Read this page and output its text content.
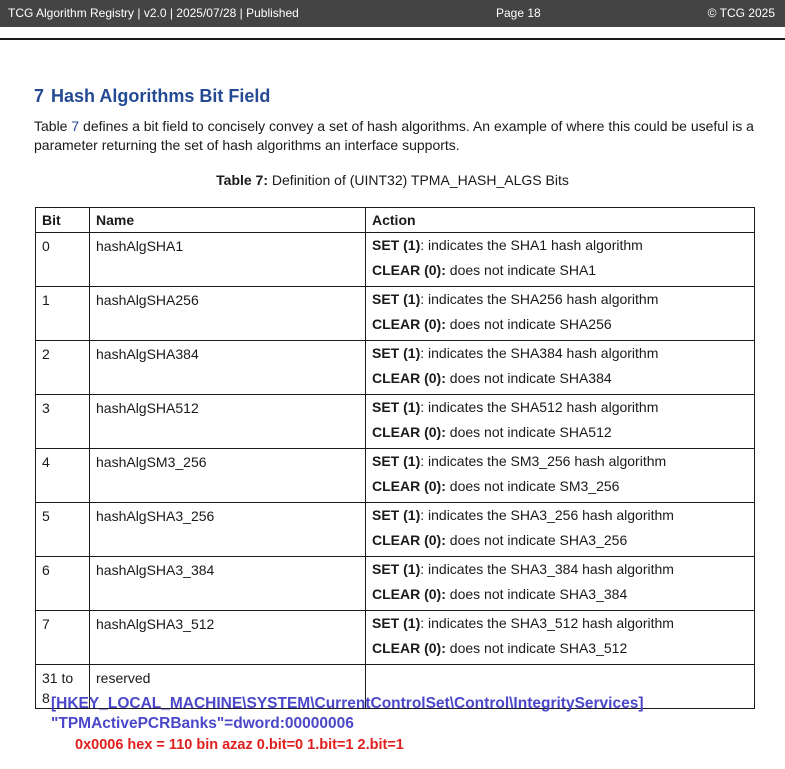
TCG Algorithm Registry | v2.0 | 2025/07/28 | Published	Page 18	© TCG 2025
7 Hash Algorithms Bit Field

Table 7 defines a bit field to concisely convey a set of hash algorithms. An example of where this could be useful is a parameter returning the set of hash algorithms an interface supports.

Table 7: Definition of (UINT32) TPMA_HASH_ALGS Bits

Bit	Name	Action
0	hashAlgSHA1	SET (1): indicates the SHA1 hash algorithm
CLEAR (0): does not indicate SHA1

1	hashAlgSHA256	SET (1): indicates the SHA256 hash algorithm
CLEAR (0): does not indicate SHA256

2	hashAlgSHA384	SET (1): indicates the SHA384 hash algorithm
CLEAR (0): does not indicate SHA384

3	hashAlgSHA512	SET (1): indicates the SHA512 hash algorithm
CLEAR (0): does not indicate SHA512

4	hashAlgSM3_256	SET (1): indicates the SM3_256 hash algorithm
CLEAR (0): does not indicate SM3_256

5	hashAlgSHA3_256	SET (1): indicates the SHA3_256 hash algorithm
CLEAR (0): does not indicate SHA3_256

6	hashAlgSHA3_384	SET (1): indicates the SHA3_384 hash algorithm
CLEAR (0): does not indicate SHA3_384

7	hashAlgSHA3_512	SET (1): indicates the SHA3_512 hash algorithm
CLEAR (0): does not indicate SHA3_512

31 to
8	reserved	

[HKEY_LOCAL_MACHINE\SYSTEM\CurrentControlSet\Control\IntegrityServices]
"TPMActivePCRBanks"=dword:00000006

0x0006 hex = 110 bin azaz 0.bit=0 1.bit=1 2.bit=1
